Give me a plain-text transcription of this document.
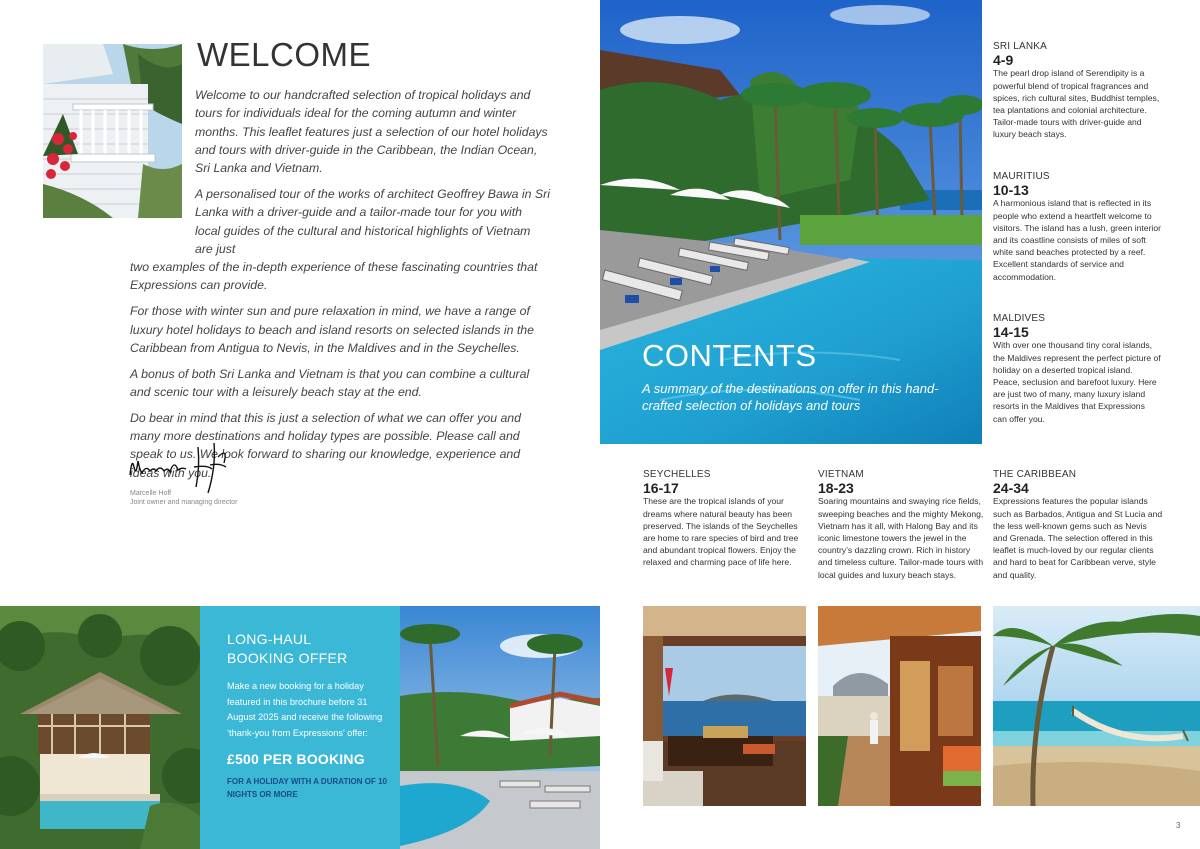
WELCOME

Welcome to our handcrafted selection of tropical holidays and tours for individuals ideal for the coming autumn and winter months. This leaflet features just a selection of our hotel holidays and tours with driver-guide in the Caribbean, the Indian Ocean, Sri Lanka and Vietnam.

A personalised tour of the works of architect Geoffrey Bawa in Sri Lanka with a driver-guide and a tailor-made tour for you with local guides of the cultural and historical highlights of Vietnam are just

two examples of the in-depth experience of these fascinating countries that Expressions can provide.

For those with winter sun and pure relaxation in mind, we have a range of luxury hotel holidays to beach and island resorts on selected islands in the Caribbean from Antigua to Nevis, in the Maldives and in the Seychelles.

A bonus of both Sri Lanka and Vietnam is that you can combine a cultural and scenic tour with a leisurely beach stay at the end.

Do bear in mind that this is just a selection of what we can offer you and many more destinations and holiday types are possible. Please call and speak to us. We look forward to sharing our knowledge, experience and ideas with you.

Marcelle Hoff
Joint owner and managing director
CONTENTS
A summary of the destinations on offer in this hand-crafted selection of holidays and tours
SRI LANKA
4-9
The pearl drop island of Serendipity is a powerful blend of tropical fragrances and spices, rich cultural sites, Buddhist temples, tea plantations and colonial architecture. Tailor-made tours with driver-guide and luxury beach stays.
MAURITIUS
10-13
A harmonious island that is reflected in its people who extend a heartfelt welcome to visitors. The island has a lush, green interior and its coastline consists of miles of soft white sand beaches protected by a reef. Excellent standards of service and accommodation.
MALDIVES
14-15
With over one thousand tiny coral islands, the Maldives represent the perfect picture of holiday on a deserted tropical island. Peace, seclusion and barefoot luxury. Here are just two of many, many luxury island resorts in the Maldives that Expressions can offer you.
SEYCHELLES
16-17
These are the tropical islands of your dreams where natural beauty has been preserved. The islands of the Seychelles are home to rare species of bird and tree and abundant tropical flowers. Enjoy the relaxed and charming pace of life here.
VIETNAM
18-23
Soaring mountains and swaying rice fields, sweeping beaches and the mighty Mekong, Vietnam has it all, with Halong Bay and its iconic limestone towers the jewel in the country’s dazzling crown. Rich in history and timeless culture. Tailor-made tours with local guides and luxury beach stays.
THE CARIBBEAN
24-34
Expressions features the popular islands such as Barbados, Antigua and St Lucia and the less well-known gems such as Nevis and Grenada. The selection offered in this leaflet is much-loved by our regular clients and hard to beat for Caribbean verve, style and quality.
LONG-HAUL
BOOKING OFFER
Make a new booking for a holiday featured in this brochure before 31 August 2025 and receive the following ‘thank-you from Expressions’ offer:
£500 PER BOOKING
FOR A HOLIDAY WITH A DURATION OF 10 NIGHTS OR MORE
3
